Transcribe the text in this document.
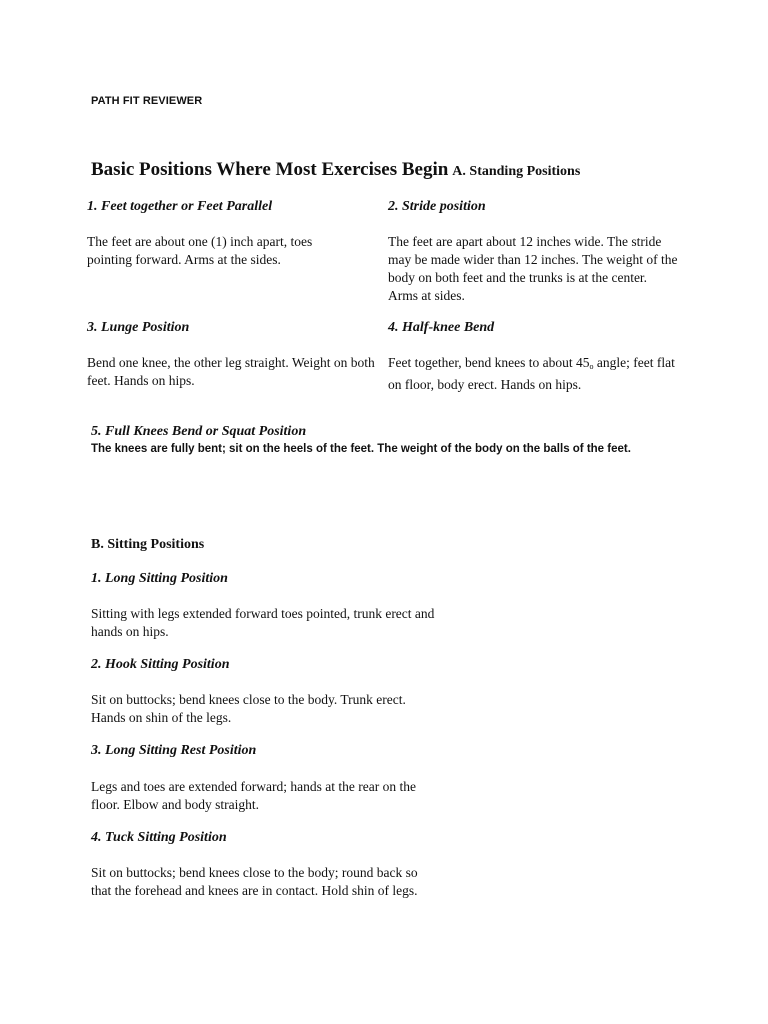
PATH FIT REVIEWER
Basic Positions Where Most Exercises Begin A. Standing Positions
1. Feet together or Feet Parallel
The feet are about one (1) inch apart, toes pointing forward. Arms at the sides.
2. Stride position
The feet are apart about 12 inches wide. The stride may be made wider than 12 inches. The weight of the body on both feet and the trunks is at the center. Arms at sides.
3. Lunge Position
Bend one knee, the other leg straight. Weight on both feet. Hands on hips.
4. Half-knee Bend
Feet together, bend knees to about $45_o$ angle; feet flat on floor, body erect. Hands on hips.
5. Full Knees Bend or Squat Position
The knees are fully bent; sit on the heels of the feet. The weight of the body on the balls of the feet.
B. Sitting Positions
1. Long Sitting Position
Sitting with legs extended forward toes pointed, trunk erect and hands on hips.
2. Hook Sitting Position
Sit on buttocks; bend knees close to the body. Trunk erect. Hands on shin of the legs.
3. Long Sitting Rest Position
Legs and toes are extended forward; hands at the rear on the floor. Elbow and body straight.
4. Tuck Sitting Position
Sit on buttocks; bend knees close to the body; round back so that the forehead and knees are in contact. Hold shin of legs.
